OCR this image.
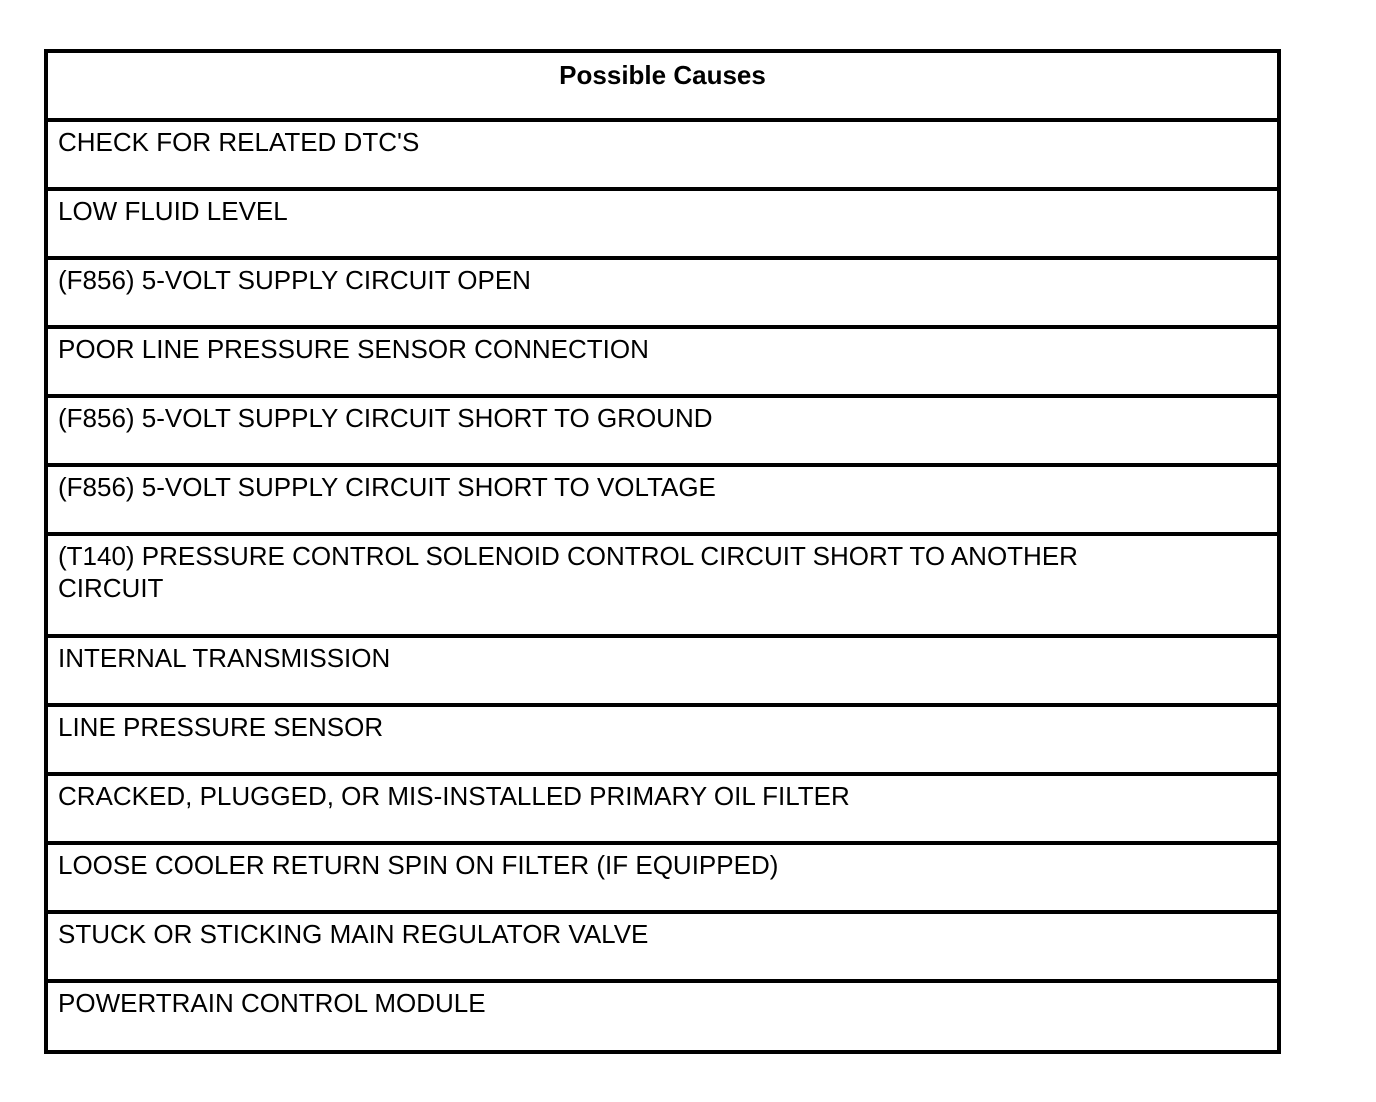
Possible Causes
CHECK FOR RELATED DTC'S
LOW FLUID LEVEL
(F856) 5-VOLT SUPPLY CIRCUIT OPEN
POOR LINE PRESSURE SENSOR CONNECTION
(F856) 5-VOLT SUPPLY CIRCUIT SHORT TO GROUND
(F856) 5-VOLT SUPPLY CIRCUIT SHORT TO VOLTAGE
(T140) PRESSURE CONTROL SOLENOID CONTROL CIRCUIT SHORT TO ANOTHER CIRCUIT
INTERNAL TRANSMISSION
LINE PRESSURE SENSOR
CRACKED, PLUGGED, OR MIS-INSTALLED PRIMARY OIL FILTER
LOOSE COOLER RETURN SPIN ON FILTER (IF EQUIPPED)
STUCK OR STICKING MAIN REGULATOR VALVE
POWERTRAIN CONTROL MODULE
